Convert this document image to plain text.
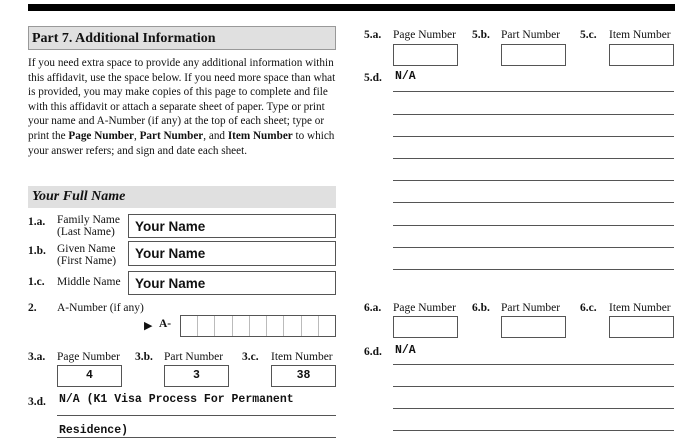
Part 7. Additional Information
If you need extra space to provide any additional information within this affidavit, use the space below. If you need more space than what is provided, you may make copies of this page to complete and file with this affidavit or attach a separate sheet of paper. Type or print your name and A-Number (if any) at the top of each sheet; type or print the Page Number, Part Number, and Item Number to which your answer refers; and sign and date each sheet.
Your Full Name
1.a. Family Name
(Last Name)	Your Name
1.b. Given Name
(First Name) Your Name
1.c. Middle Name Your Name
2. A-Number (if any)
▶ A-
3.a. Page Number
4
3.b. Part Number
3
3.c. Item Number
38
3.d. N/A (K1 Visa Process For Permanent
Residence)
5.a. Page Number 5.b. Part Number 5.c. Item Number
5.d. N/A
6.a. Page Number 6.b. Part Number 6.c. Item Number
6.d. N/A
